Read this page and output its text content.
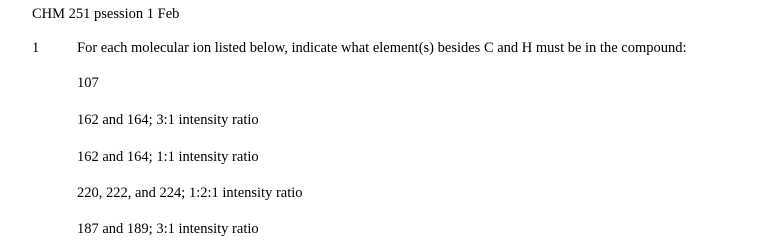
CHM 251 psession 1 Feb
1	For each molecular ion listed below, indicate what element(s) besides C and H must be in the compound:
107
162 and 164; 3:1 intensity ratio
162 and 164; 1:1 intensity ratio
220, 222, and 224; 1:2:1 intensity ratio
187 and 189; 3:1 intensity ratio
